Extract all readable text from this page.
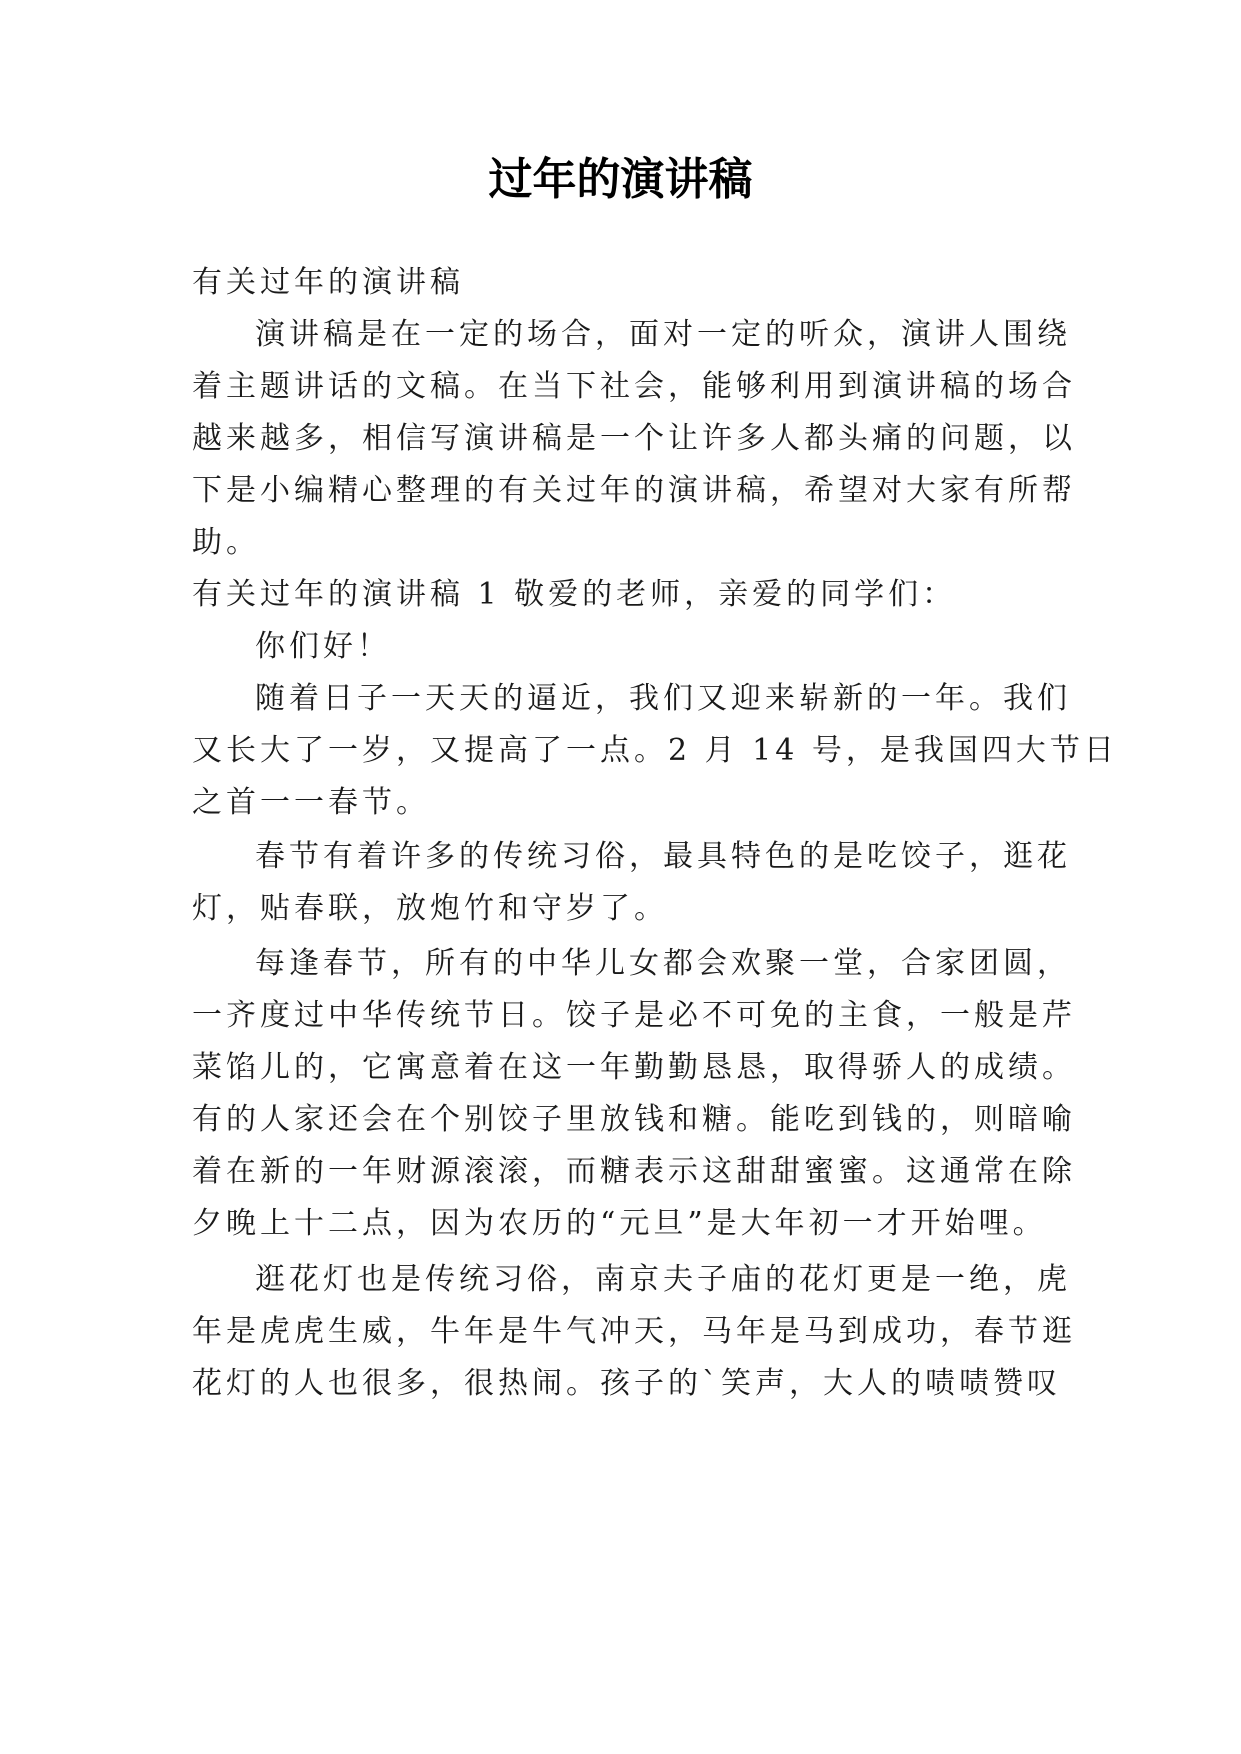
过年的演讲稿
有关过年的演讲稿
演讲稿是在一定的场合，面对一定的听众，演讲人围绕
着主题讲话的文稿。在当下社会，能够利用到演讲稿的场合
越来越多，相信写演讲稿是一个让许多人都头痛的问题，以
下是小编精心整理的有关过年的演讲稿，希望对大家有所帮
助。
有关过年的演讲稿 1 敬爱的老师，亲爱的同学们：
你们好！
随着日子一天天的逼近，我们又迎来崭新的一年。我们
又长大了一岁，又提高了一点。2 月 14 号，是我国四大节日
之首一一春节。
春节有着许多的传统习俗，最具特色的是吃饺子，逛花
灯，贴春联，放炮竹和守岁了。
每逢春节，所有的中华儿女都会欢聚一堂，合家团圆，
一齐度过中华传统节日。饺子是必不可免的主食，一般是芹
菜馅儿的，它寓意着在这一年勤勤恳恳，取得骄人的成绩。
有的人家还会在个别饺子里放钱和糖。能吃到钱的，则暗喻
着在新的一年财源滚滚，而糖表示这甜甜蜜蜜。这通常在除
夕晚上十二点，因为农历的“元旦”是大年初一才开始哩。
逛花灯也是传统习俗，南京夫子庙的花灯更是一绝，虎
年是虎虎生威，牛年是牛气冲天，马年是马到成功，春节逛
花灯的人也很多，很热闹。孩子的`笑声，大人的啧啧赞叹
